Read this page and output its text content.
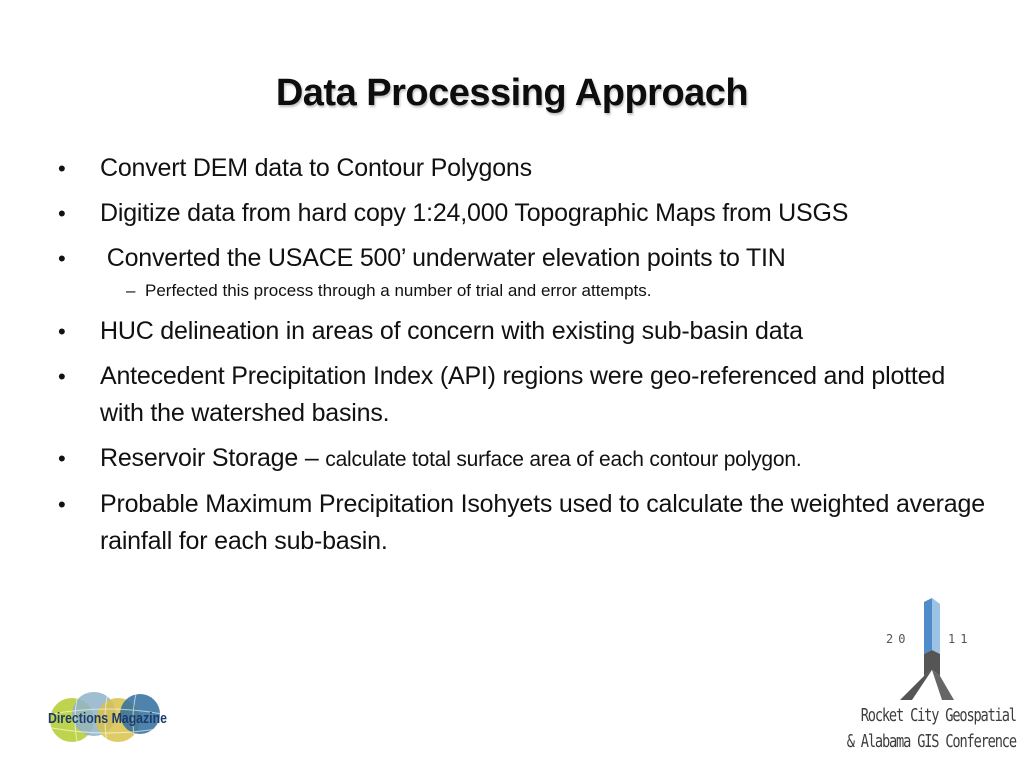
Data Processing Approach
•	Convert DEM data to Contour Polygons
•	Digitize data from hard copy 1:24,000 Topographic Maps from USGS
•	Converted the USACE 500’ underwater elevation points to TIN
– Perfected this process through a number of trial and error attempts.
•	HUC delineation in areas of concern with existing sub-basin data
•	Antecedent Precipitation Index (API) regions were geo-referenced and plotted with the watershed basins.
•	Reservoir Storage – calculate total surface area of each contour polygon.
•	Probable Maximum Precipitation Isohyets used to calculate the weighted average rainfall for each sub-basin.
Directions Magazine
20	11
Rocket City Geospatial
& Alabama GIS Conference
